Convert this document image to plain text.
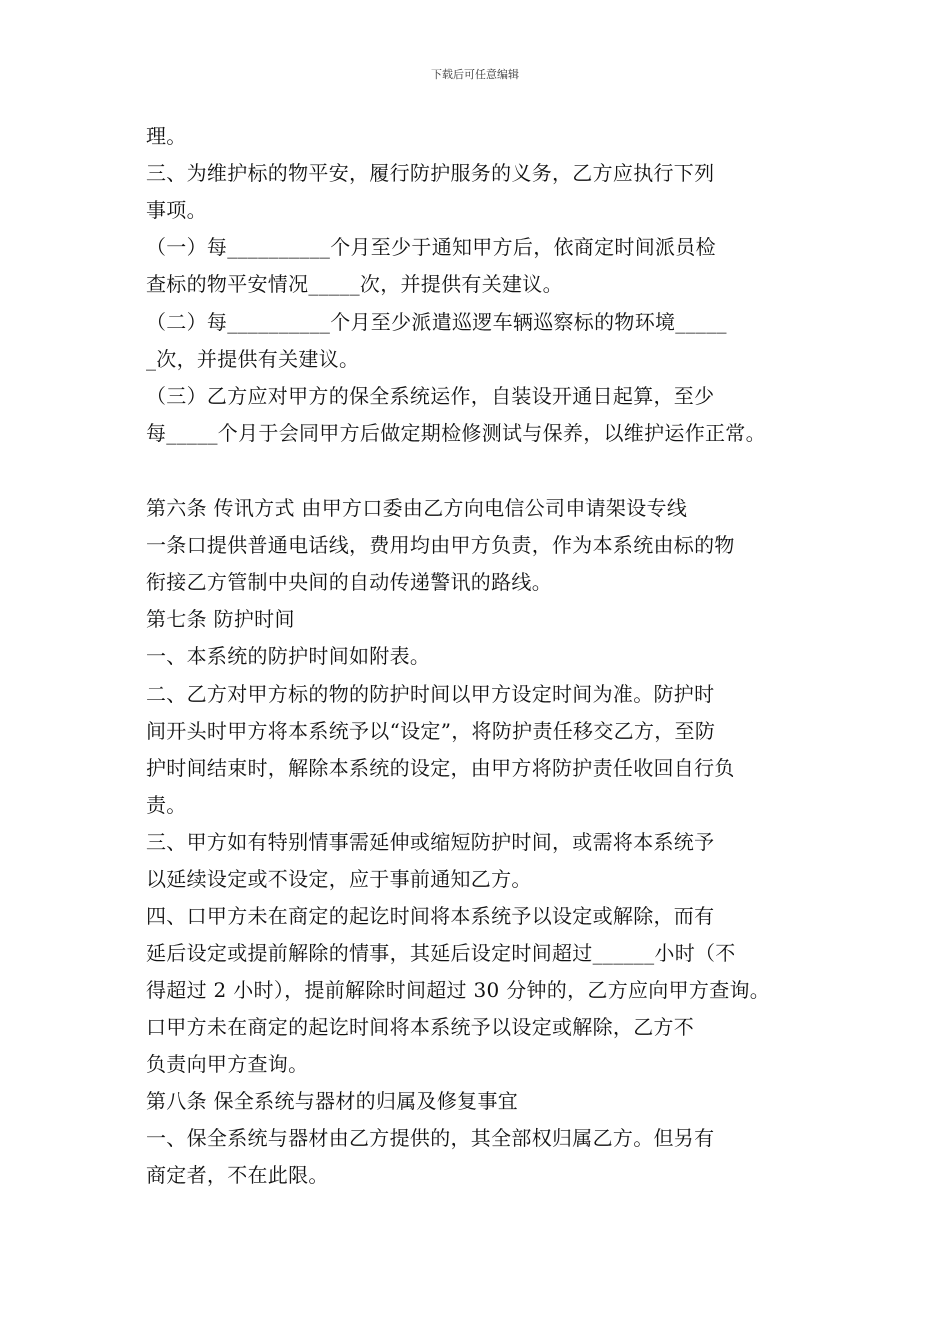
下载后可任意编辑
理。
三、为维护标的物平安，履行防护服务的义务，乙方应执行下列
事项。
（一）每__________个月至少于通知甲方后，依商定时间派员检
查标的物平安情况_____次，并提供有关建议。
（二）每__________个月至少派遣巡逻车辆巡察标的物环境_____
_次，并提供有关建议。
（三）乙方应对甲方的保全系统运作，自装设开通日起算，至少
每_____个月于会同甲方后做定期检修测试与保养，以维护运作正常。
第六条 传讯方式 由甲方口委由乙方向电信公司申请架设专线
一条口提供普通电话线，费用均由甲方负责，作为本系统由标的物
衔接乙方管制中央间的自动传递警讯的路线。
第七条 防护时间
一、本系统的防护时间如附表。
二、乙方对甲方标的物的防护时间以甲方设定时间为准。防护时
间开头时甲方将本系统予以“设定”，将防护责任移交乙方，至防
护时间结束时，解除本系统的设定，由甲方将防护责任收回自行负
责。
三、甲方如有特别情事需延伸或缩短防护时间，或需将本系统予
以延续设定或不设定，应于事前通知乙方。
四、口甲方未在商定的起讫时间将本系统予以设定或解除，而有
延后设定或提前解除的情事，其延后设定时间超过______小时（不
得超过 2 小时），提前解除时间超过 30 分钟的，乙方应向甲方查询。
口甲方未在商定的起讫时间将本系统予以设定或解除，乙方不
负责向甲方查询。
第八条 保全系统与器材的归属及修复事宜
一、保全系统与器材由乙方提供的，其全部权归属乙方。但另有
商定者，不在此限。
